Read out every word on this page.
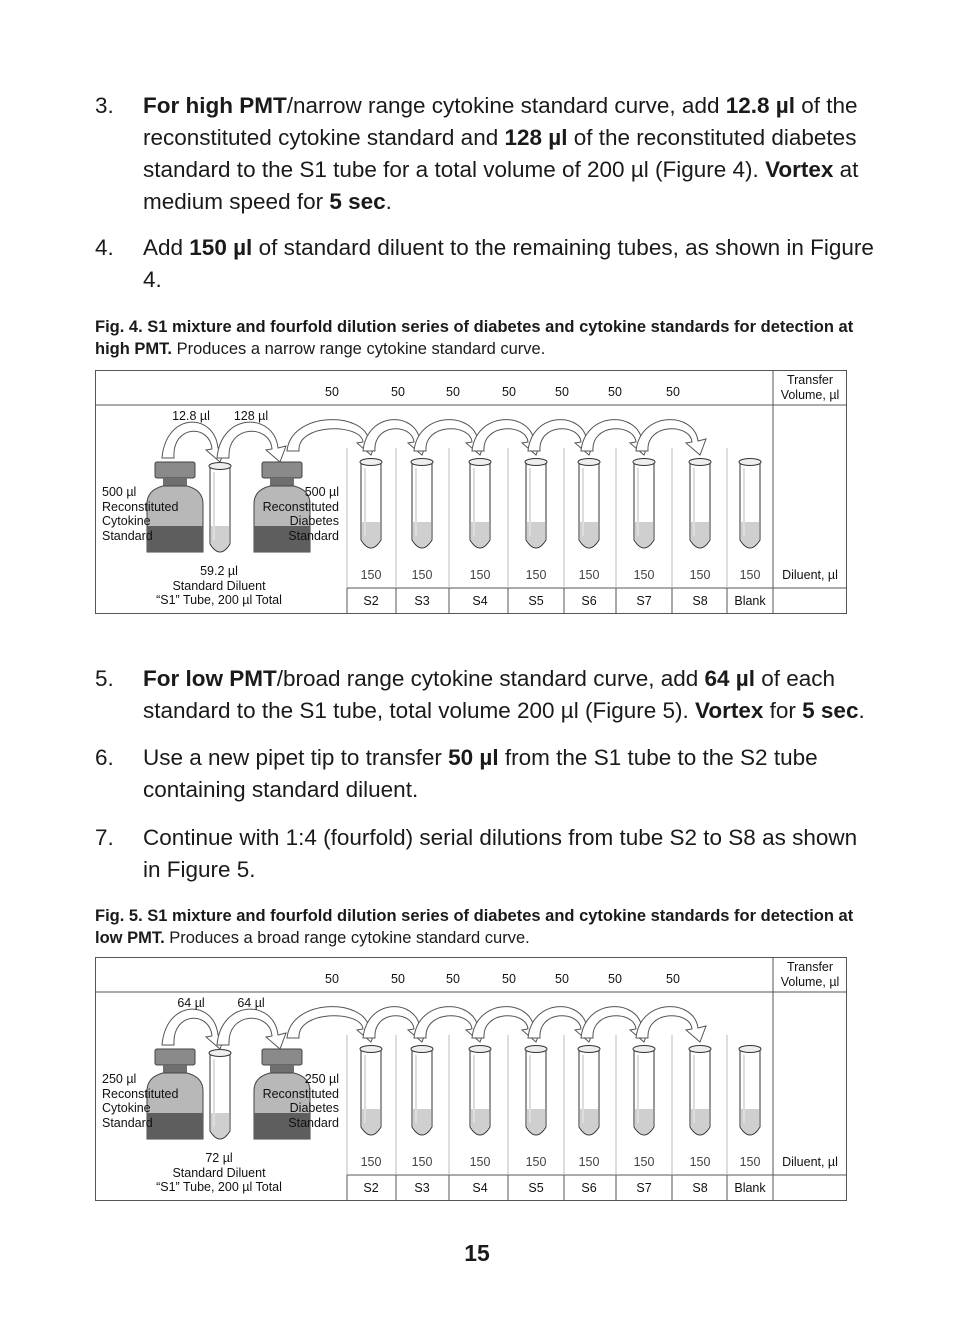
3. For high PMT/narrow range cytokine standard curve, add 12.8 µl of the reconstituted cytokine standard and 128 µl of the reconstituted diabetes standard to the S1 tube for a total volume of 200 µl (Figure 4). Vortex at medium speed for 5 sec.
4. Add 150 µl of standard diluent to the remaining tubes, as shown in Figure 4.
Fig. 4. S1 mixture and fourfold dilution series of diabetes and cytokine standards for detection at high PMT. Produces a narrow range cytokine standard curve.
Transfer Volume, µl
50	50	50	50	50	50	50
12.8 µl 128 µl
500 µl Reconstituted Cytokine Standard
500 µl Reconstituted Diabetes Standard
59.2 µl
Standard Diluent
“S1” Tube, 200 µl Total
Diluent, µl
150 150	150	150	150	150	150 150
S2	S3	S4	S5	S6	S7	S8 Blank
5. For low PMT/broad range cytokine standard curve, add 64 µl of each standard to the S1 tube, total volume 200 µl (Figure 5). Vortex for 5 sec.
6. Use a new pipet tip to transfer 50 µl from the S1 tube to the S2 tube containing standard diluent.
7. Continue with 1:4 (fourfold) serial dilutions from tube S2 to S8 as shown in Figure 5.
Fig. 5. S1 mixture and fourfold dilution series of diabetes and cytokine standards for detection at low PMT. Produces a broad range cytokine standard curve.
Transfer Volume, µl
50	50	50	50	50	50	50
64 µl	64 µl
250 µl Reconstituted Cytokine Standard
250 µl Reconstituted Diabetes Standard
72 µl
Standard Diluent
“S1” Tube, 200 µl Total
Diluent, µl
150 150	150	150	150	150	150 150
S2	S3	S4	S5	S6	S7	S8 Blank
15
